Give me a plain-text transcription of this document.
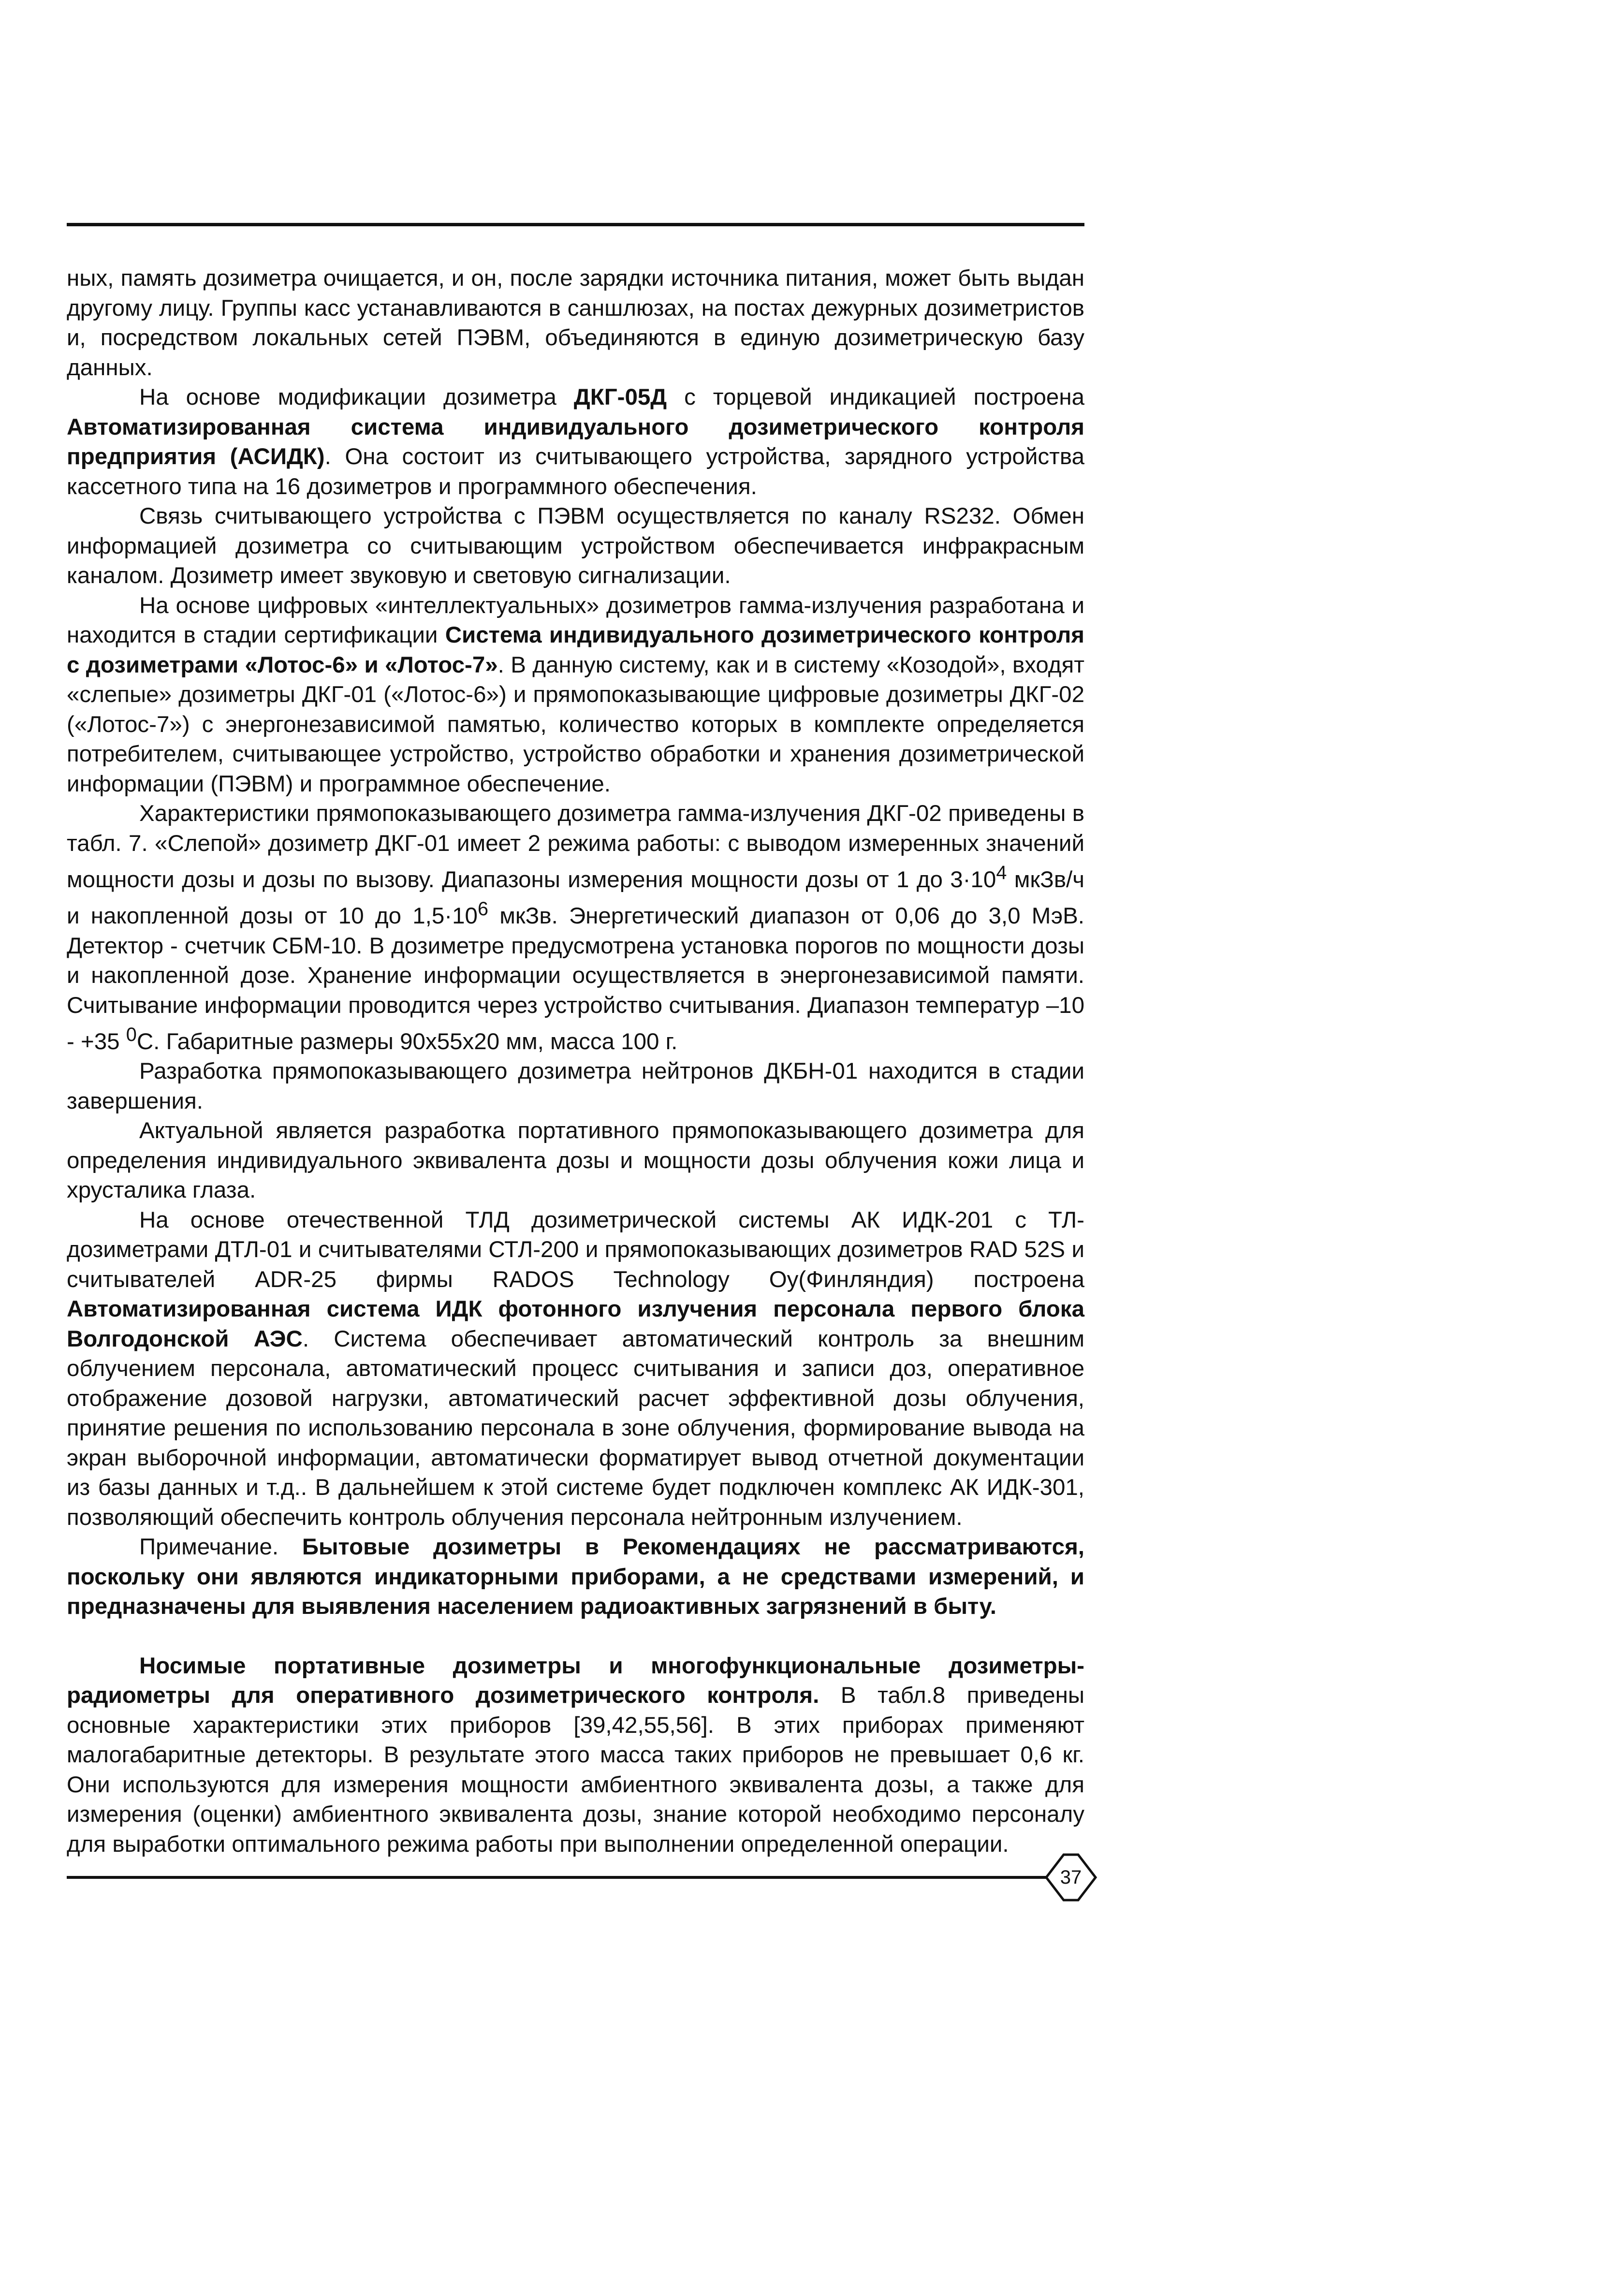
ных, память дозиметра очищается, и он, после зарядки источника питания, может быть выдан другому лицу. Группы касс устанавливаются в саншлюзах, на постах дежурных дозиметристов и, посредством локальных сетей ПЭВМ, объединяются в единую дозиметрическую базу данных.

На основе модификации дозиметра ДКГ-05Д с торцевой индикацией построена Автоматизированная система индивидуального дозиметрического контроля предприятия (АСИДК). Она состоит из считывающего устройства, зарядного устройства кассетного типа на 16 дозиметров и программного обеспечения.

Связь считывающего устройства с ПЭВМ осуществляется по каналу RS232. Обмен информацией дозиметра со считывающим устройством обеспечивается инфракрасным каналом. Дозиметр имеет звуковую и световую сигнализации.

На основе цифровых «интеллектуальных» дозиметров гамма-излучения разработана и находится в стадии сертификации Система индивидуального дозиметрического контроля с дозиметрами «Лотос-6» и «Лотос-7». В данную систему, как и в систему «Козодой», входят «слепые» дозиметры ДКГ-01 («Лотос-6») и прямопоказывающие цифровые дозиметры ДКГ-02 («Лотос-7») с энергонезависимой памятью, количество которых в комплекте определяется потребителем, считывающее устройство, устройство обработки и хранения дозиметрической информации (ПЭВМ) и программное обеспечение.

Характеристики прямопоказывающего дозиметра гамма-излучения ДКГ-02 приведены в табл. 7. «Слепой» дозиметр ДКГ-01 имеет 2 режима работы: с выводом измеренных значений мощности дозы и дозы по вызову. Диапазоны измерения мощности дозы от 1 до $3\cdot 10^4$ мкЗв/ч и накопленной дозы от 10 до $1,5\cdot 10^6$ мкЗв. Энергетический диапазон от 0,06 до 3,0 МэВ. Детектор - счетчик СБМ-10. В дозиметре предусмотрена установка порогов по мощности дозы и накопленной дозе. Хранение информации осуществляется в энергонезависимой памяти. Считывание информации проводится через устройство считывания. Диапазон температур –10 - +35 $^0$С. Габаритные размеры 90х55х20 мм, масса 100 г.

Разработка прямопоказывающего дозиметра нейтронов ДКБН-01 находится в стадии завершения.

Актуальной является разработка портативного прямопоказывающего дозиметра для определения индивидуального эквивалента дозы и мощности дозы облучения кожи лица и хрусталика глаза.

На основе отечественной ТЛД дозиметрической системы АК ИДК-201 с ТЛ-дозиметрами ДТЛ-01 и считывателями СТЛ-200 и прямопоказывающих дозиметров RAD 52S и считывателей ADR-25 фирмы RADOS Technology Oy(Финляндия) построена Автоматизированная система ИДК фотонного излучения персонала первого блока Волгодонской АЭС. Система обеспечивает автоматический контроль за внешним облучением персонала, автоматический процесс считывания и записи доз, оперативное отображение дозовой нагрузки, автоматический расчет эффективной дозы облучения, принятие решения по использованию персонала в зоне облучения, формирование вывода на экран выборочной информации, автоматически форматирует вывод отчетной документации из базы данных и т.д.. В дальнейшем к этой системе будет подключен комплекс АК ИДК-301, позволяющий обеспечить контроль облучения персонала нейтронным излучением.

Примечание. Бытовые дозиметры в Рекомендациях не рассматриваются, поскольку они являются индикаторными приборами, а не средствами измерений, и предназначены для выявления населением радиоактивных загрязнений в быту.

Носимые портативные дозиметры и многофункциональные дозиметры-радиометры для оперативного дозиметрического контроля. В табл.8 приведены основные характеристики этих приборов [39,42,55,56]. В этих приборах применяют малогабаритные детекторы. В результате этого масса таких приборов не превышает 0,6 кг. Они используются для измерения мощности амбиентного эквивалента дозы, а также для измерения (оценки) амбиентного эквивалента дозы, знание которой необходимо персоналу для выработки оптимального режима работы при выполнении определенной операции.

37
